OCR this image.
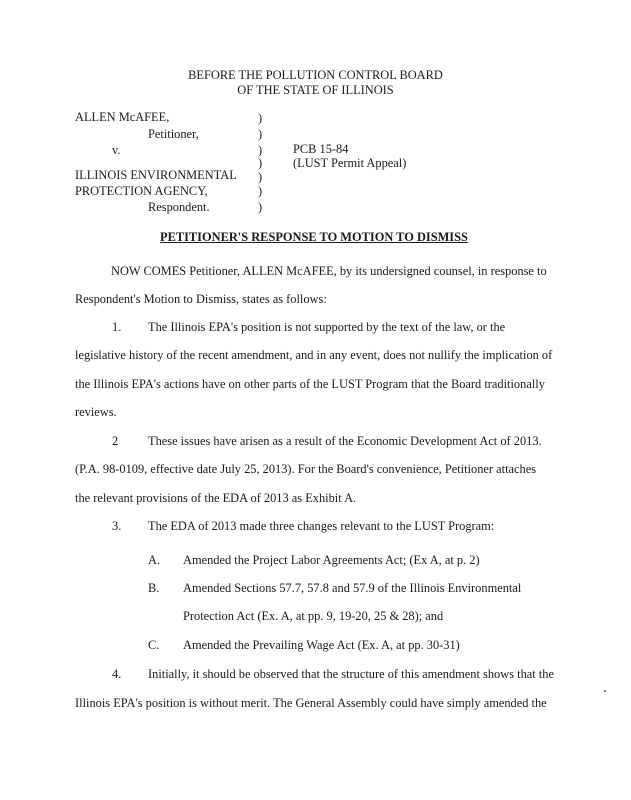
BEFORE THE POLLUTION CONTROL BOARD
OF THE STATE OF ILLINOIS
ALLEN McAFEE,
Petitioner,
v.
ILLINOIS ENVIRONMENTAL
PROTECTION AGENCY,
Respondent.
)
)
)
)
)
)
)
PCB 15-84
(LUST Permit Appeal)
PETITIONER'S RESPONSE TO MOTION TO DISMISS
NOW COMES Petitioner, ALLEN McAFEE, by its undersigned counsel, in response to
Respondent's Motion to Dismiss, states as follows:
1. The Illinois EPA's position is not supported by the text of the law, or the
legislative history of the recent amendment, and in any event, does not nullify the implication of
the Illinois EPA's actions have on other parts of the LUST Program that the Board traditionally
reviews.
2 These issues have arisen as a result of the Economic Development Act of 2013.
(P.A. 98-0109, effective date July 25, 2013). For the Board's convenience, Petitioner attaches
the relevant provisions of the EDA of 2013 as Exhibit A.
3. The EDA of 2013 made three changes relevant to the LUST Program:
A. Amended the Project Labor Agreements Act; (Ex A, at p. 2)
B. Amended Sections 57.7, 57.8 and 57.9 of the Illinois Environmental
Protection Act (Ex. A, at pp. 9, 19-20, 25 & 28); and
C. Amended the Prevailing Wage Act (Ex. A, at pp. 30-31)
4. Initially, it should be observed that the structure of this amendment shows that the
Illinois EPA's position is without merit. The General Assembly could have simply amended the
